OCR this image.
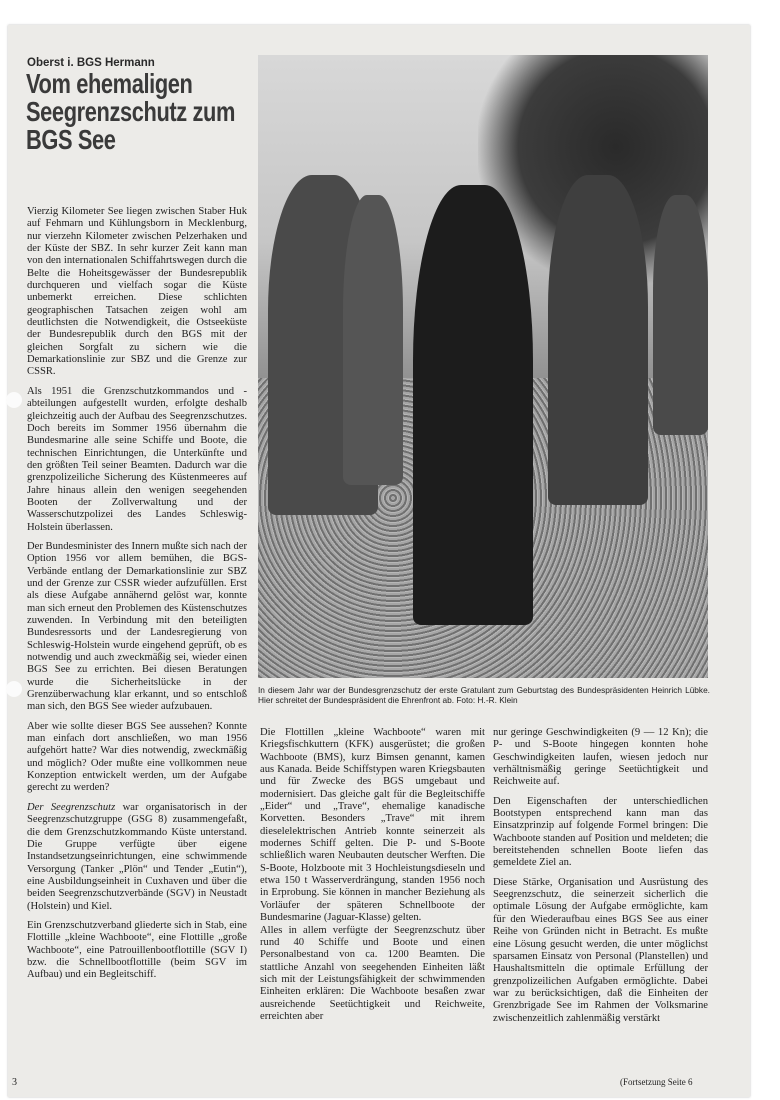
Oberst i. BGS Hermann
Vom ehemaligen Seegrenzschutz zum BGS See
In diesem Jahr war der Bundesgrenzschutz der erste Gratulant zum Geburtstag des Bundespräsidenten Heinrich Lübke. Hier schreitet der Bundespräsident die Ehrenfront ab. Foto: H.-R. Klein

Vierzig Kilometer See liegen zwischen Staber Huk auf Fehmarn und Kühlungsborn in Mecklenburg, nur vierzehn Kilometer zwischen Pelzerhaken und der Küste der SBZ. In sehr kurzer Zeit kann man von den internationalen Schiffahrtswegen durch die Belte die Hoheitsgewässer der Bundesrepublik durchqueren und vielfach sogar die Küste unbemerkt erreichen. Diese schlichten geographischen Tatsachen zeigen wohl am deutlichsten die Notwendigkeit, die Ostseeküste der Bundesrepublik durch den BGS mit der gleichen Sorgfalt zu sichern wie die Demarkationslinie zur SBZ und die Grenze zur CSSR.

Als 1951 die Grenzschutzkommandos und -abteilungen aufgestellt wurden, erfolgte deshalb gleichzeitig auch der Aufbau des Seegrenzschutzes. Doch bereits im Sommer 1956 übernahm die Bundesmarine alle seine Schiffe und Boote, die technischen Einrichtungen, die Unterkünfte und den größten Teil seiner Beamten. Dadurch war die grenzpolizeiliche Sicherung des Küstenmeeres auf Jahre hinaus allein den wenigen seegehenden Booten der Zollverwaltung und der Wasserschutzpolizei des Landes Schleswig-Holstein überlassen.

Der Bundesminister des Innern mußte sich nach der Option 1956 vor allem bemühen, die BGS-Verbände entlang der Demarkationslinie zur SBZ und der Grenze zur CSSR wieder aufzufüllen. Erst als diese Aufgabe annähernd gelöst war, konnte man sich erneut den Problemen des Küstenschutzes zuwenden. In Verbindung mit den beteiligten Bundesressorts und der Landesregierung von Schleswig-Holstein wurde eingehend geprüft, ob es notwendig und auch zweckmäßig sei, wieder einen BGS See zu errichten. Bei diesen Beratungen wurde die Sicherheitslücke in der Grenzüberwachung klar erkannt, und so entschloß man sich, den BGS See wieder aufzubauen.

Aber wie sollte dieser BGS See aussehen? Konnte man einfach dort anschließen, wo man 1956 aufgehört hatte? War dies notwendig, zweckmäßig und möglich? Oder mußte eine vollkommen neue Konzeption entwickelt werden, um der Aufgabe gerecht zu werden?

Der Seegrenzschutz war organisatorisch in der Seegrenzschutzgruppe (GSG 8) zusammengefaßt, die dem Grenzschutzkommando Küste unterstand. Die Gruppe verfügte über eigene Instandsetzungseinrichtungen, eine schwimmende Versorgung (Tanker „Plön“ und Tender „Eutin“), eine Ausbildungseinheit in Cuxhaven und über die beiden Seegrenzschutzverbände (SGV) in Neustadt (Holstein) und Kiel.

Ein Grenzschutzverband gliederte sich in Stab, eine Flottille „kleine Wachboote“, eine Flottille „große Wachboote“, eine Patrouillenbootflottille (SGV I) bzw. die Schnellbootflottille (beim SGV im Aufbau) und ein Begleitschiff.

Die Flottillen „kleine Wachboote“ waren mit Kriegsfischkuttern (KFK) ausgerüstet; die großen Wachboote (BMS), kurz Bimsen genannt, kamen aus Kanada. Beide Schiffstypen waren Kriegsbauten und für Zwecke des BGS umgebaut und modernisiert. Das gleiche galt für die Begleitschiffe „Eider“ und „Trave“, ehemalige kanadische Korvetten. Besonders „Trave“ mit ihrem dieselelektrischen Antrieb konnte seinerzeit als modernes Schiff gelten. Die P- und S-Boote schließlich waren Neubauten deutscher Werften. Die S-Boote, Holzboote mit 3 Hochleistungsdieseln und etwa 150 t Wasserverdrängung, standen 1956 noch in Erprobung. Sie können in mancher Beziehung als Vorläufer der späteren Schnellboote der Bundesmarine (Jaguar-Klasse) gelten.

Alles in allem verfügte der Seegrenzschutz über rund 40 Schiffe und Boote und einen Personalbestand von ca. 1200 Beamten. Die stattliche Anzahl von seegehenden Einheiten läßt sich mit der Leistungsfähigkeit der schwimmenden Einheiten erklären: Die Wachboote besaßen zwar ausreichende Seetüchtigkeit und Reichweite, erreichten aber

nur geringe Geschwindigkeiten (9 — 12 Kn); die P- und S-Boote hingegen konnten hohe Geschwindigkeiten laufen, wiesen jedoch nur verhältnismäßig geringe Seetüchtigkeit und Reichweite auf.

Den Eigenschaften der unterschiedlichen Bootstypen entsprechend kann man das Einsatzprinzip auf folgende Formel bringen: Die Wachboote standen auf Position und meldeten; die bereitstehenden schnellen Boote liefen das gemeldete Ziel an.

Diese Stärke, Organisation und Ausrüstung des Seegrenzschutz, die seinerzeit sicherlich die optimale Lösung der Aufgabe ermöglichte, kam für den Wiederaufbau eines BGS See aus einer Reihe von Gründen nicht in Betracht. Es mußte eine Lösung gesucht werden, die unter möglichst sparsamen Einsatz von Personal (Planstellen) und Haushaltsmitteln die optimale Erfüllung der grenzpolizeilichen Aufgaben ermöglichte. Dabei war zu berücksichtigen, daß die Einheiten der Grenzbrigade See im Rahmen der Volksmarine zwischenzeitlich zahlenmäßig verstärkt

(Fortsetzung Seite 6
3
